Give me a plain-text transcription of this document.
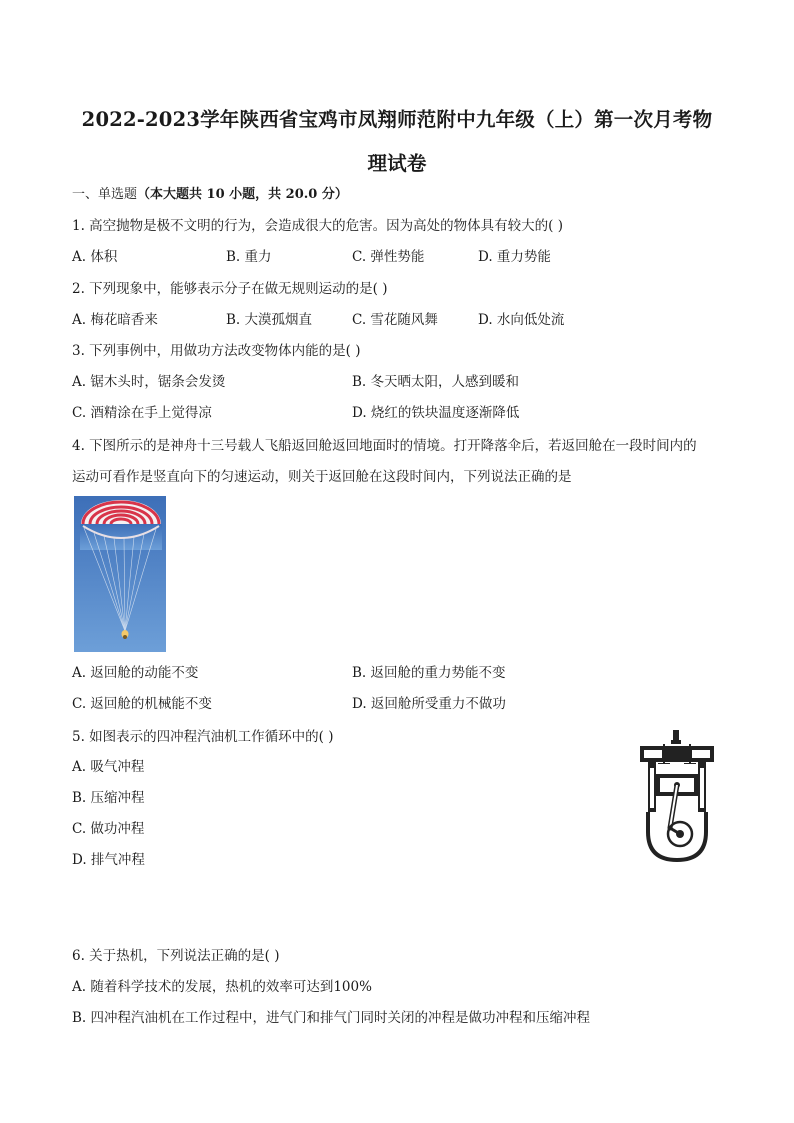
2022-2023学年陕西省宝鸡市凤翔师范附中九年级（上）第一次月考物
理试卷
一、单选题（本大题共 10 小题，共 20.0 分）
1. 高空抛物是极不文明的行为，会造成很大的危害。因为高处的物体具有较大的( )
A. 体积	B. 重力	C. 弹性势能	D. 重力势能
2. 下列现象中，能够表示分子在做无规则运动的是( )
A. 梅花暗香来	B. 大漠孤烟直	C. 雪花随风舞	D. 水向低处流
3. 下列事例中，用做功方法改变物体内能的是( )
A. 锯木头时，锯条会发烫	B. 冬天晒太阳，人感到暖和
C. 酒精涂在手上觉得凉	D. 烧红的铁块温度逐渐降低
4. 下图所示的是神舟十三号载人飞船返回舱返回地面时的情境。打开降落伞后，若返回舱在一段时间内的
运动可看作是竖直向下的匀速运动，则关于返回舱在这段时间内，下列说法正确的是
A. 返回舱的动能不变	B. 返回舱的重力势能不变
C. 返回舱的机械能不变	D. 返回舱所受重力不做功
5. 如图表示的四冲程汽油机工作循环中的( )
A. 吸气冲程
B. 压缩冲程
C. 做功冲程
D. 排气冲程
6. 关于热机，下列说法正确的是( )
A. 随着科学技术的发展，热机的效率可达到100%
B. 四冲程汽油机在工作过程中，进气门和排气门同时关闭的冲程是做功冲程和压缩冲程
